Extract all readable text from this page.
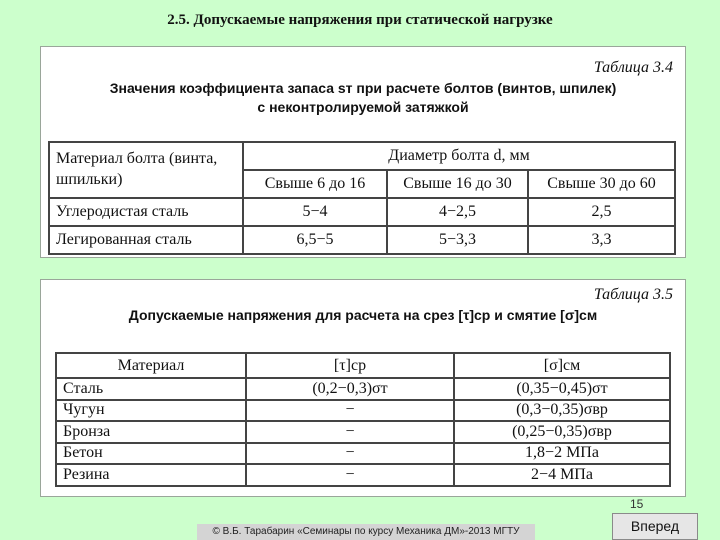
2.5. Допускаемые напряжения при статической нагрузке
Таблица 3.4
Значения коэффициента запаса sт при расчете болтов (винтов, шпилек)
с неконтролируемой затяжкой
Материал болта (винта, шпильки)	Диаметр болта d, мм		
	Свыше 6 до 16	Свыше 16 до 30	Свыше 30 до 60
Углеродистая сталь	5−4	4−2,5	2,5
Легированная сталь	6,5−5	5−3,3	3,3
Таблица 3.5
Допускаемые напряжения для расчета на срез [τ]ср и смятие [σ]см
Материал	[τ]ср	[σ]см
Сталь	(0,2−0,3)σт	(0,35−0,45)σт
Чугун	−	(0,3−0,35)σвр
Бронза	−	(0,25−0,35)σвр
Бетон	−	1,8−2 МПа
Резина	−	2−4 МПа
15
© В.Б. Тарабарин «Семинары по курсу Механика ДМ»-2013 МГТУ	Вперед
